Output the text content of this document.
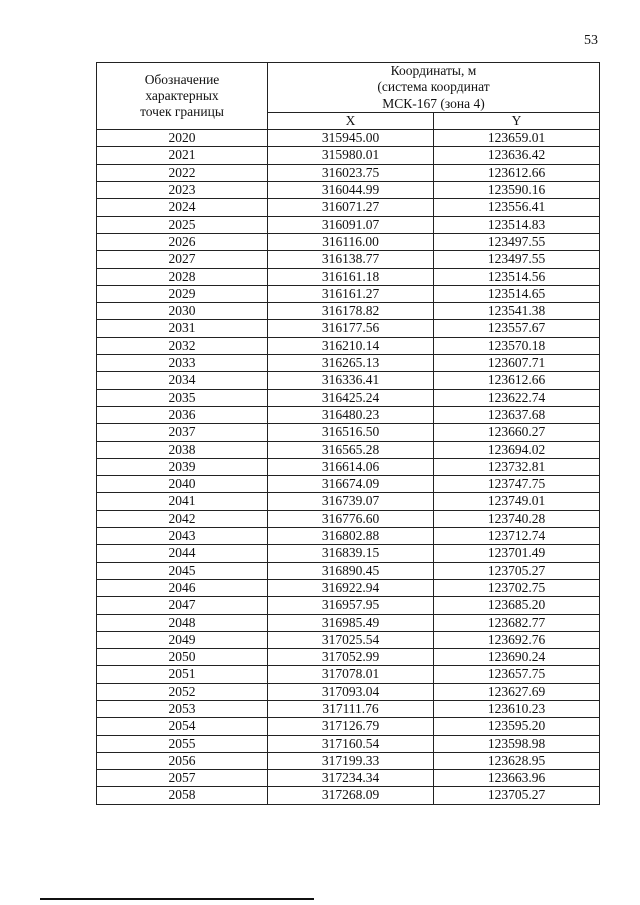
53
Обозначение
характерных
точек границы	Координаты, м
(система координат
МСК-167 (зона 4)	

	X	Y
2020	315945.00	123659.01
2021	315980.01	123636.42
2022	316023.75	123612.66
2023	316044.99	123590.16
2024	316071.27	123556.41
2025	316091.07	123514.83
2026	316116.00	123497.55
2027	316138.77	123497.55
2028	316161.18	123514.56
2029	316161.27	123514.65
2030	316178.82	123541.38
2031	316177.56	123557.67
2032	316210.14	123570.18
2033	316265.13	123607.71
2034	316336.41	123612.66
2035	316425.24	123622.74
2036	316480.23	123637.68
2037	316516.50	123660.27
2038	316565.28	123694.02
2039	316614.06	123732.81
2040	316674.09	123747.75
2041	316739.07	123749.01
2042	316776.60	123740.28
2043	316802.88	123712.74
2044	316839.15	123701.49
2045	316890.45	123705.27
2046	316922.94	123702.75
2047	316957.95	123685.20
2048	316985.49	123682.77
2049	317025.54	123692.76
2050	317052.99	123690.24
2051	317078.01	123657.75
2052	317093.04	123627.69
2053	317111.76	123610.23
2054	317126.79	123595.20
2055	317160.54	123598.98
2056	317199.33	123628.95
2057	317234.34	123663.96
2058	317268.09	123705.27
